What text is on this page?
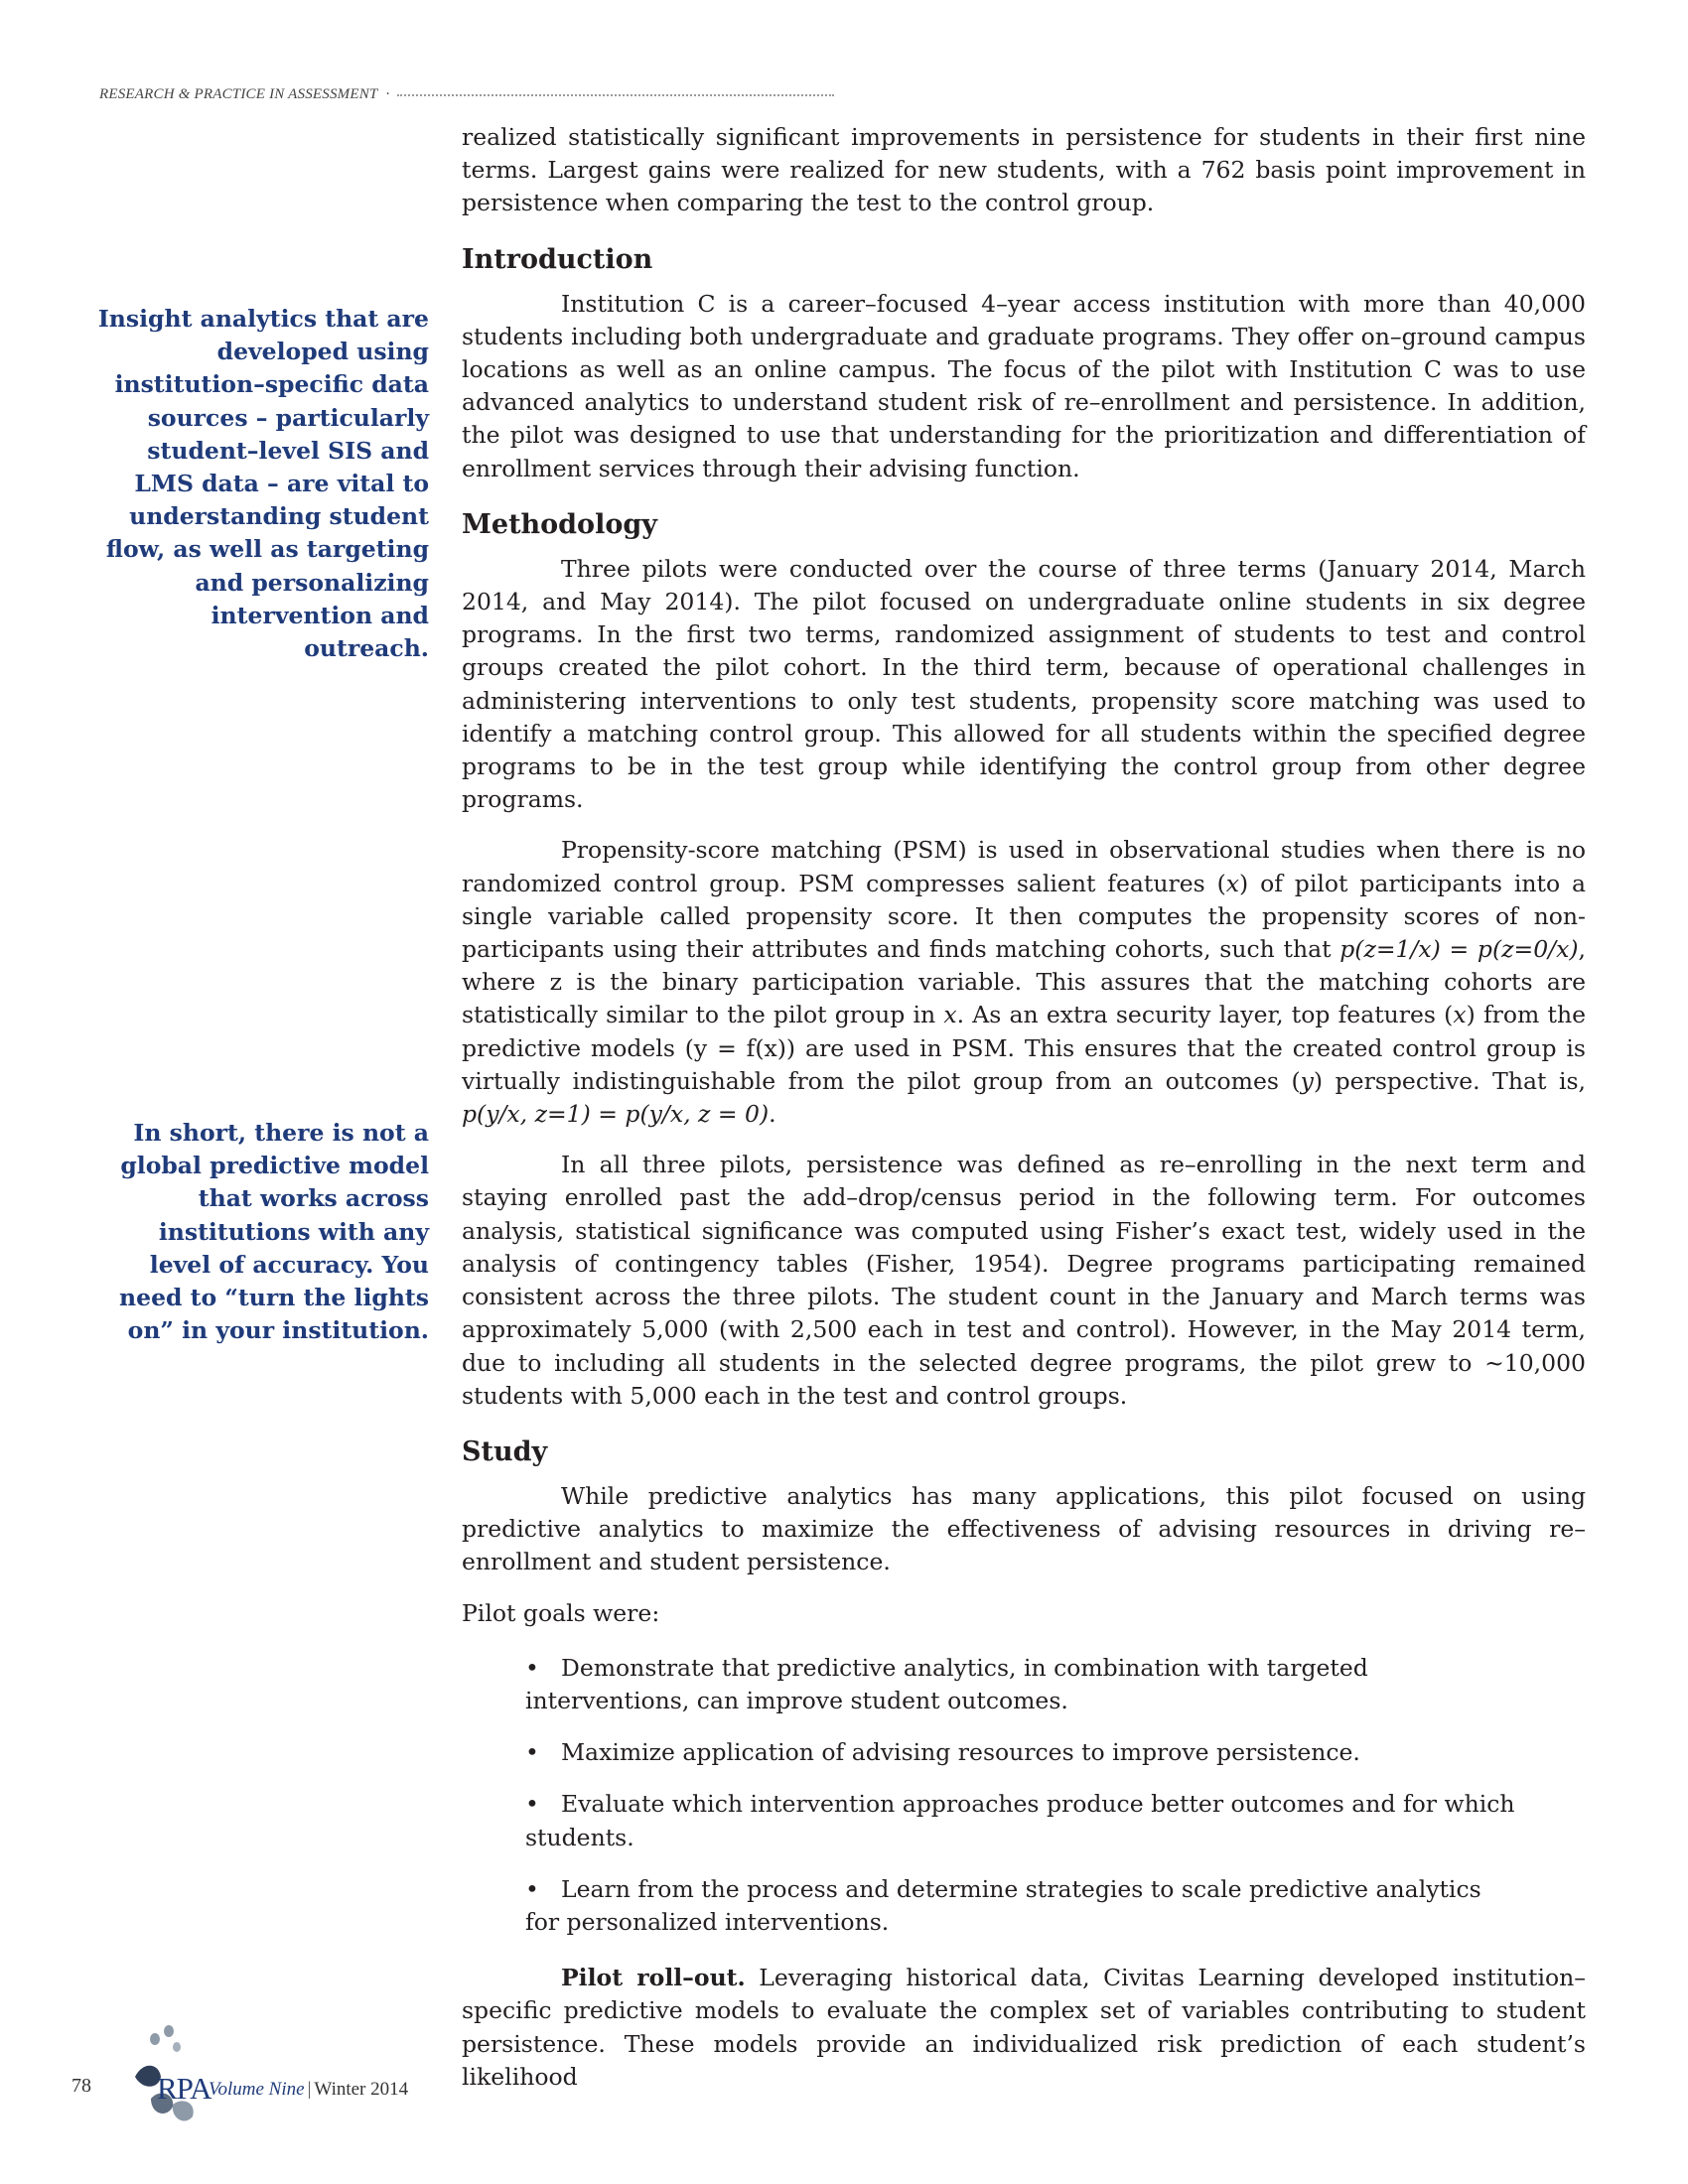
RESEARCH & PRACTICE IN ASSESSMENT ·
Insight analytics that are developed using institution–specific data sources – particularly student–level SIS and LMS data – are vital to understanding student flow, as well as targeting and personalizing intervention and outreach.
In short, there is not a global predictive model that works across institutions with any level of accuracy. You need to “turn the lights on” in your institution.

realized statistically significant improvements in persistence for students in their first nine terms. Largest gains were realized for new students, with a 762 basis point improvement in persistence when comparing the test to the control group.

Introduction

Institution C is a career–focused 4–year access institution with more than 40,000 students including both undergraduate and graduate programs. They offer on–ground campus locations as well as an online campus. The focus of the pilot with Institution C was to use advanced analytics to understand student risk of re–enrollment and persistence. In addition, the pilot was designed to use that understanding for the prioritization and differentiation of enrollment services through their advising function.

Methodology

Three pilots were conducted over the course of three terms (January 2014, March 2014, and May 2014). The pilot focused on undergraduate online students in six degree programs. In the first two terms, randomized assignment of students to test and control groups created the pilot cohort. In the third term, because of operational challenges in administering interventions to only test students, propensity score matching was used to identify a matching control group. This allowed for all students within the specified degree programs to be in the test group while identifying the control group from other degree programs.

Propensity-score matching (PSM) is used in observational studies when there is no randomized control group. PSM compresses salient features (x) of pilot participants into a single variable called propensity score. It then computes the propensity scores of non-participants using their attributes and finds matching cohorts, such that p(z=1/x) = p(z=0/x), where z is the binary participation variable. This assures that the matching cohorts are statistically similar to the pilot group in x. As an extra security layer, top features (x) from the predictive models (y = f(x)) are used in PSM. This ensures that the created control group is virtually indistinguishable from the pilot group from an outcomes (y) perspective. That is, p(y/x, z=1) = p(y/x, z = 0).

In all three pilots, persistence was defined as re–enrolling in the next term and staying enrolled past the add–drop/census period in the following term. For outcomes analysis, statistical significance was computed using Fisher’s exact test, widely used in the analysis of contingency tables (Fisher, 1954). Degree programs participating remained consistent across the three pilots. The student count in the January and March terms was approximately 5,000 (with 2,500 each in test and control). However, in the May 2014 term, due to including all students in the selected degree programs, the pilot grew to ~10,000 students with 5,000 each in the test and control groups.

Study

While predictive analytics has many applications, this pilot focused on using predictive analytics to maximize the effectiveness of advising resources in driving re–enrollment and student persistence.

Pilot goals were:

• Demonstrate that predictive analytics, in combination with targeted interventions, can improve student outcomes.
• Maximize application of advising resources to improve persistence.
• Evaluate which intervention approaches produce better outcomes and for which students.
• Learn from the process and determine strategies to scale predictive analytics for personalized interventions.

Pilot roll–out. Leveraging historical data, Civitas Learning developed institution–specific predictive models to evaluate the complex set of variables contributing to student persistence. These models provide an individualized risk prediction of each student’s likelihood

78 RPA
Volume Nine | Winter 2014
